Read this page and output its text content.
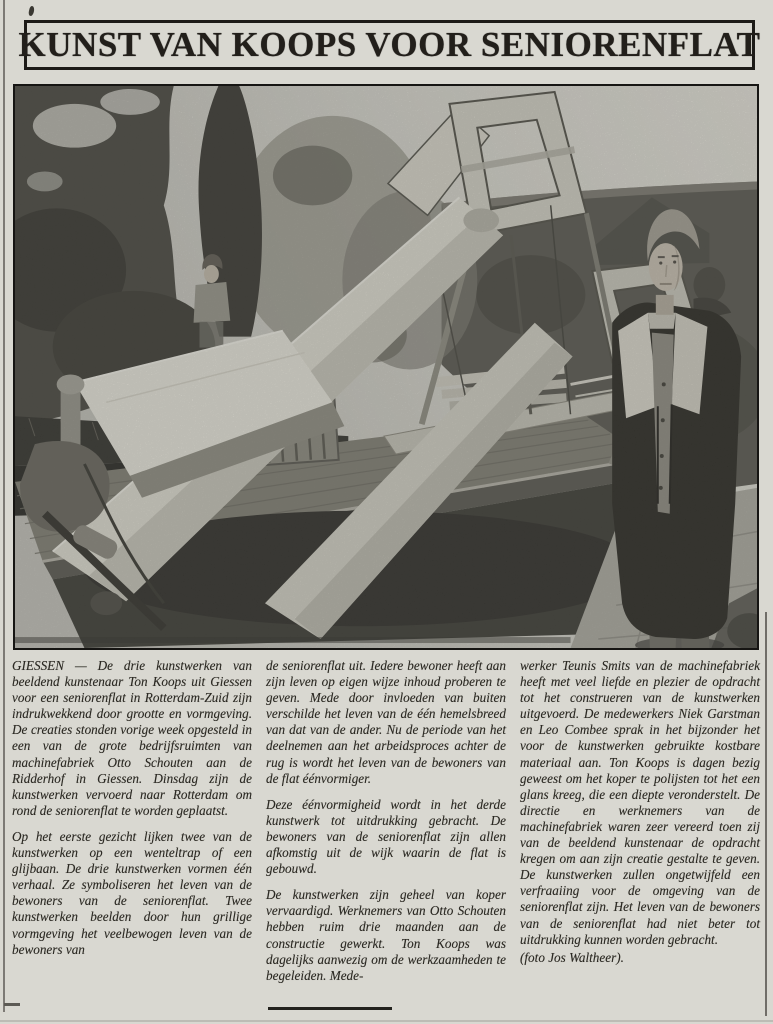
KUNST VAN KOOPS VOOR SENIORENFLAT

GIESSEN — De drie kunstwerken van beeldend kunstenaar Ton Koops uit Giessen voor een seniorenflat in Rotterdam-Zuid zijn indrukwekkend door grootte en vormgeving. De creaties stonden vorige week opgesteld in een van de grote bedrijfsruimten van machinefabriek Otto Schouten aan de Ridderhof in Giessen. Dinsdag zijn de kunstwerken vervoerd naar Rotterdam om rond de seniorenflat te worden geplaatst.

Op het eerste gezicht lijken twee van de kunstwerken op een wenteltrap of een glijbaan. De drie kunstwerken vormen één verhaal. Ze symboliseren het leven van de bewoners van de seniorenflat. Twee kunstwerken beelden door hun grillige vormgeving het veelbewogen leven van de bewoners van

de seniorenflat uit. Iedere bewoner heeft aan zijn leven op eigen wijze inhoud proberen te geven. Mede door invloeden van buiten verschilde het leven van de één hemelsbreed van dat van de ander. Nu de periode van het deelnemen aan het arbeidsproces achter de rug is wordt het leven van de bewoners van de flat éénvormiger.

Deze éénvormigheid wordt in het derde kunstwerk tot uitdrukking gebracht. De bewoners van de seniorenflat zijn allen afkomstig uit de wijk waarin de flat is gebouwd.

De kunstwerken zijn geheel van koper vervaardigd. Werknemers van Otto Schouten hebben ruim drie maanden aan de constructie gewerkt. Ton Koops was dagelijks aanwezig om de werkzaamheden te begeleiden. Mede-

werker Teunis Smits van de machinefabriek heeft met veel liefde en plezier de opdracht tot het construeren van de kunstwerken uitgevoerd. De medewerkers Niek Garstman en Leo Combee sprak in het bijzonder het voor de kunstwerken gebruikte kostbare materiaal aan. Ton Koops is dagen bezig geweest om het koper te polijsten tot het een glans kreeg, die een diepte veronderstelt. De directie en werknemers van de machinefabriek waren zeer vereerd toen zij van de beeldend kunstenaar de opdracht kregen om aan zijn creatie gestalte te geven. De kunstwerken zullen ongetwijfeld een verfraaiing voor de omgeving van de seniorenflat zijn. Het leven van de bewoners van de seniorenflat had niet beter tot uitdrukking kunnen worden gebracht.

(foto Jos Waltheer).
